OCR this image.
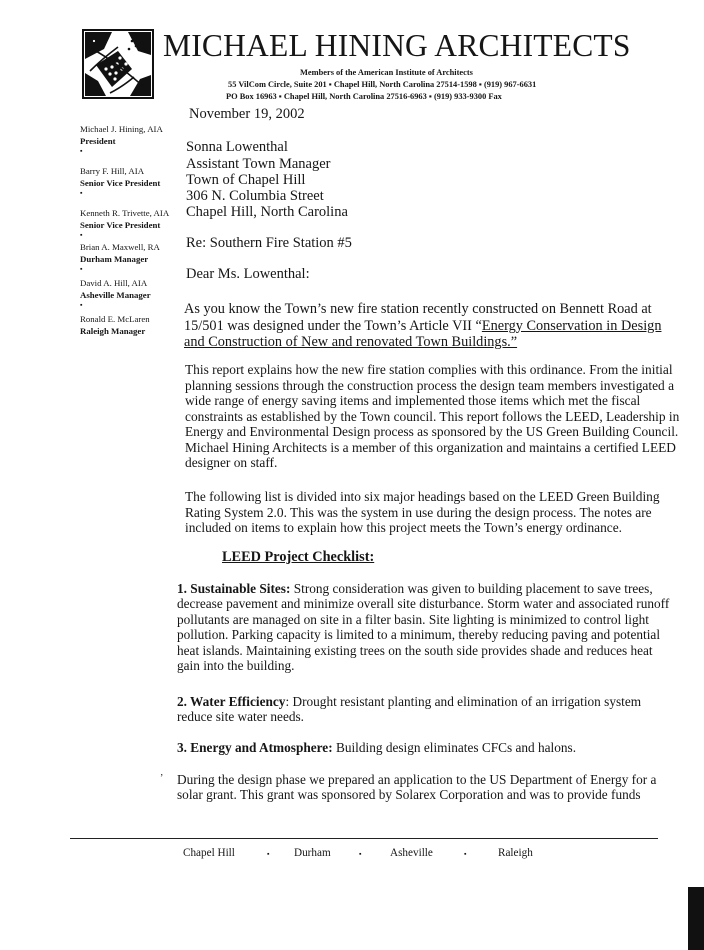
MICHAEL HINING ARCHITECTS
Members of the American Institute of Architects
55 VilCom Circle, Suite 201 ▪ Chapel Hill, North Carolina 27514-1598 ▪ (919) 967-6631
PO Box 16963 ▪ Chapel Hill, North Carolina 27516-6963 ▪ (919) 933-9300 Fax
Michael J. Hining, AIA
President
▪
Barry F. Hill, AIA
Senior Vice President
▪
Kenneth R. Trivette, AIA
Senior Vice President
▪
Brian A. Maxwell, RA
Durham Manager
▪
David A. Hill, AIA
Asheville Manager
▪
Ronald E. McLaren
Raleigh Manager
November 19, 2002
Sonna Lowenthal
Assistant Town Manager
Town of Chapel Hill
306 N. Columbia Street
Chapel Hill, North Carolina
Re: Southern Fire Station #5
Dear Ms. Lowenthal:
As you know the Town’s new fire station recently constructed on Bennett Road at 15/501 was designed under the Town’s Article VII “Energy Conservation in Design and Construction of New and renovated Town Buildings.”
This report explains how the new fire station complies with this ordinance. From the initial planning sessions through the construction process the design team members investigated a wide range of energy saving items and implemented those items which met the fiscal constraints as established by the Town council. This report follows the LEED, Leadership in Energy and Environmental Design process as sponsored by the US Green Building Council. Michael Hining Architects is a member of this organization and maintains a certified LEED designer on staff.
The following list is divided into six major headings based on the LEED Green Building Rating System 2.0. This was the system in use during the design process. The notes are included on items to explain how this project meets the Town’s energy ordinance.
LEED Project Checklist:
1. Sustainable Sites: Strong consideration was given to building placement to save trees, decrease pavement and minimize overall site disturbance. Storm water and associated runoff pollutants are managed on site in a filter basin. Site lighting is minimized to control light pollution. Parking capacity is limited to a minimum, thereby reducing paving and potential heat islands. Maintaining existing trees on the south side provides shade and reduces heat gain into the building.
2. Water Efficiency: Drought resistant planting and elimination of an irrigation system reduce site water needs.
3. Energy and Atmosphere: Building design eliminates CFCs and halons.
’ During the design phase we prepared an application to the US Department of Energy for a solar grant. This grant was sponsored by Solarex Corporation and was to provide funds
Chapel Hill	▪ Durham	▪	Asheville	▪	Raleigh
